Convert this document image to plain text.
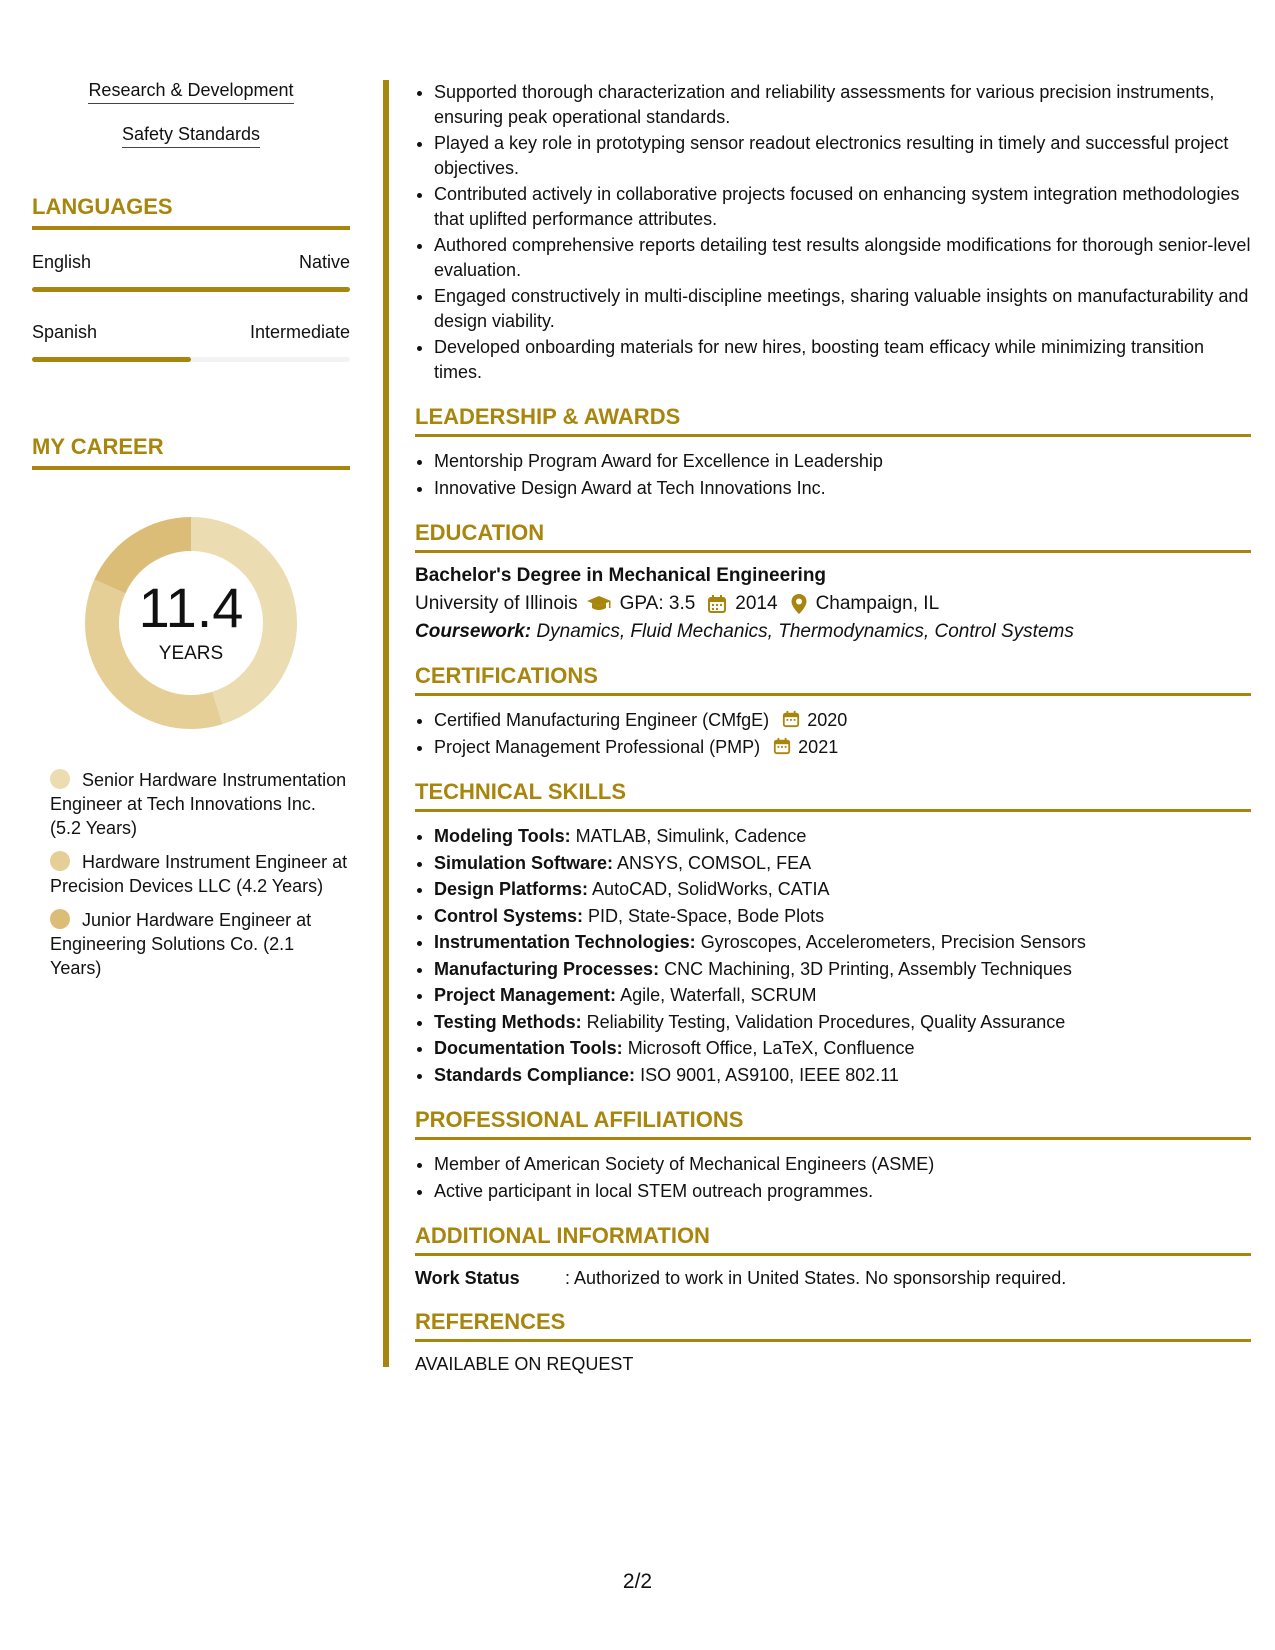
Research & Development
Safety Standards
LANGUAGES
English	Native
Spanish	Intermediate
MY CAREER
11.4
YEARS
Senior Hardware Instrumentation Engineer at Tech Innovations Inc. (5.2 Years)
Hardware Instrument Engineer at Precision Devices LLC (4.2 Years)
Junior Hardware Engineer at Engineering Solutions Co. (2.1 Years)
• Supported thorough characterization and reliability assessments for various precision instruments, ensuring peak operational standards.
• Played a key role in prototyping sensor readout electronics resulting in timely and successful project objectives.
• Contributed actively in collaborative projects focused on enhancing system integration methodologies that uplifted performance attributes.
• Authored comprehensive reports detailing test results alongside modifications for thorough senior-level evaluation.
• Engaged constructively in multi-discipline meetings, sharing valuable insights on manufacturability and design viability.
• Developed onboarding materials for new hires, boosting team efficacy while minimizing transition times.
LEADERSHIP & AWARDS
• Mentorship Program Award for Excellence in Leadership
• Innovative Design Award at Tech Innovations Inc.
EDUCATION
Bachelor's Degree in Mechanical Engineering
University of Illinois GPA: 3.5 2014 Champaign, IL
Coursework: Dynamics, Fluid Mechanics, Thermodynamics, Control Systems
CERTIFICATIONS
• Certified Manufacturing Engineer (CMfgE) 2020
• Project Management Professional (PMP) 2021
TECHNICAL SKILLS
• Modeling Tools: MATLAB, Simulink, Cadence
• Simulation Software: ANSYS, COMSOL, FEA
• Design Platforms: AutoCAD, SolidWorks, CATIA
• Control Systems: PID, State-Space, Bode Plots
• Instrumentation Technologies: Gyroscopes, Accelerometers, Precision Sensors
• Manufacturing Processes: CNC Machining, 3D Printing, Assembly Techniques
• Project Management: Agile, Waterfall, SCRUM
• Testing Methods: Reliability Testing, Validation Procedures, Quality Assurance
• Documentation Tools: Microsoft Office, LaTeX, Confluence
• Standards Compliance: ISO 9001, AS9100, IEEE 802.11
PROFESSIONAL AFFILIATIONS
• Member of American Society of Mechanical Engineers (ASME)
• Active participant in local STEM outreach programmes.
ADDITIONAL INFORMATION
Work Status	: Authorized to work in United States. No sponsorship required.
REFERENCES
AVAILABLE ON REQUEST
2/2
